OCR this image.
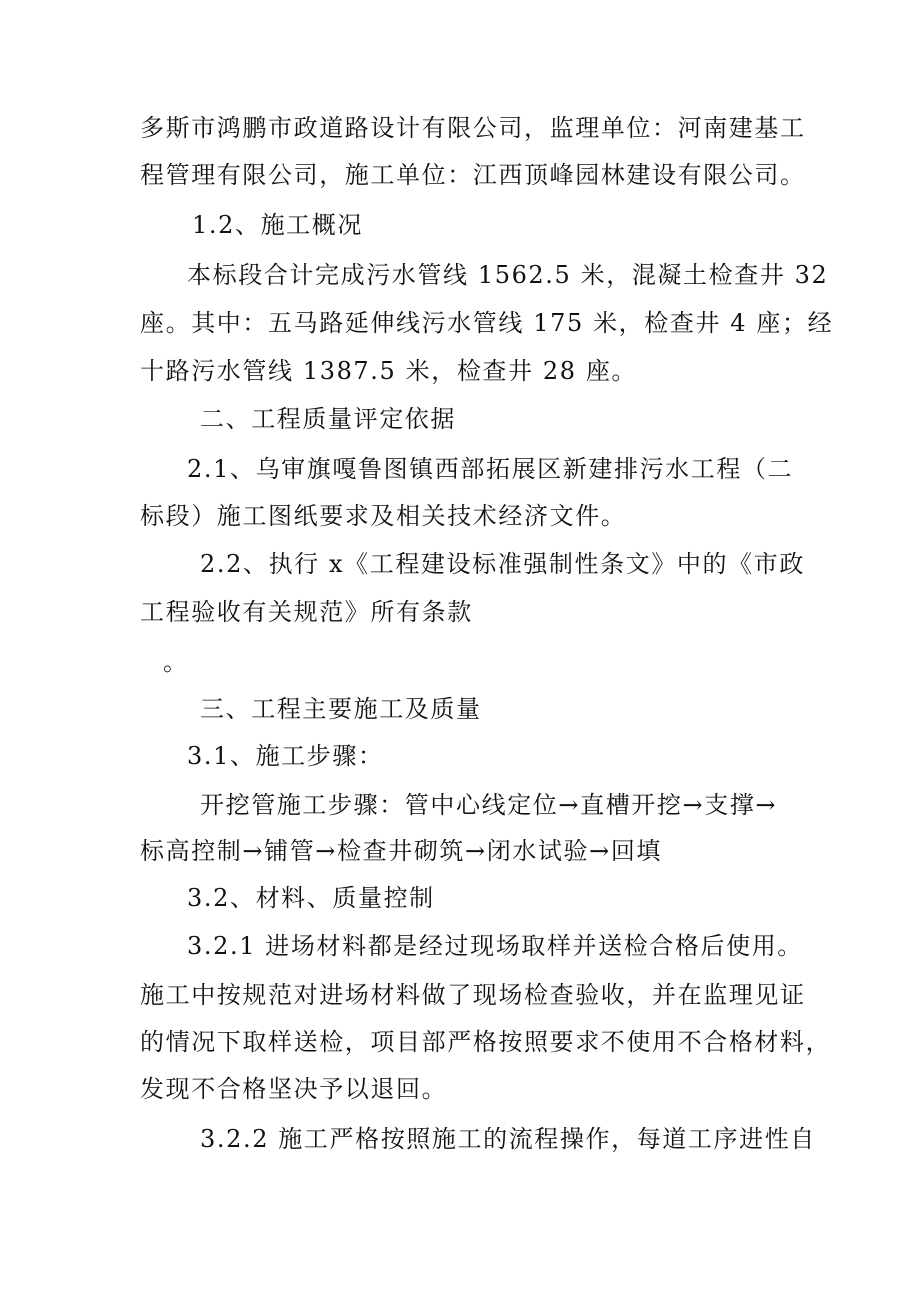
多斯市鸿鹏市政道路设计有限公司，监理单位：河南建基工
程管理有限公司，施工单位：江西顶峰园林建设有限公司。
1.2、施工概况
本标段合计完成污水管线 1562.5 米，混凝土检查井 32
座。其中：五马路延伸线污水管线 175 米，检查井 4 座；经
十路污水管线 1387.5 米，检查井 28 座。
二、工程质量评定依据
2.1、乌审旗嘎鲁图镇西部拓展区新建排污水工程（二
标段）施工图纸要求及相关技术经济文件。
2.2、执行 x《工程建设标准强制性条文》中的《市政
工程验收有关规范》所有条款
。
三、工程主要施工及质量
3.1、施工步骤：
开挖管施工步骤：管中心线定位→直槽开挖→支撑→
标高控制→铺管→检查井砌筑→闭水试验→回填
3.2、材料、质量控制
3.2.1 进场材料都是经过现场取样并送检合格后使用。
施工中按规范对进场材料做了现场检查验收，并在监理见证
的情况下取样送检，项目部严格按照要求不使用不合格材料，
发现不合格坚决予以退回。
3.2.2 施工严格按照施工的流程操作，每道工序进性自
